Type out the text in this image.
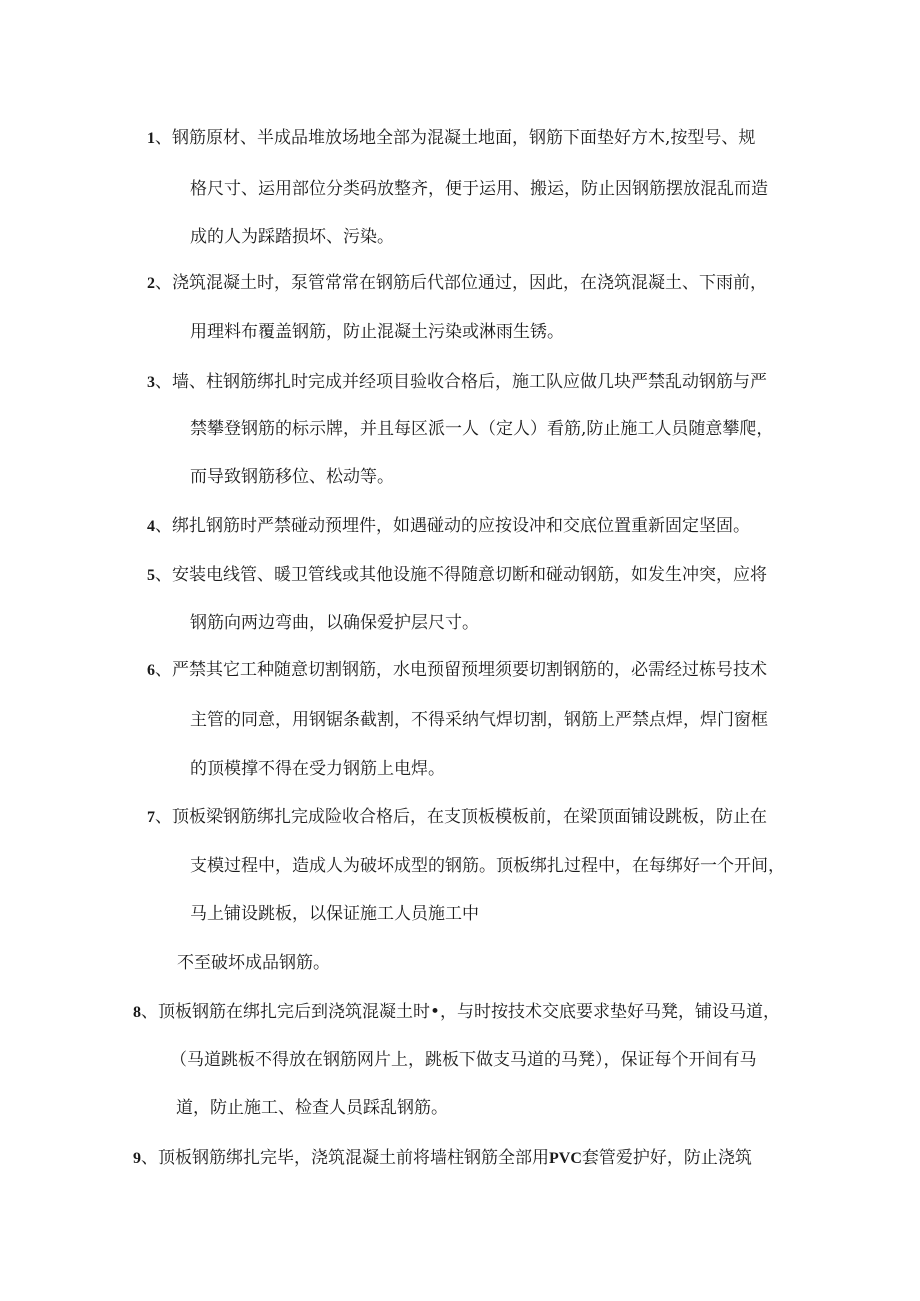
1、钢筋原材、半成品堆放场地全部为混凝土地面，钢筋下面垫好方木,按型号、规
格尺寸、运用部位分类码放整齐，便于运用、搬运，防止因钢筋摆放混乱而造
成的人为踩踏损坏、污染。
2、浇筑混凝土时，泵管常常在钢筋后代部位通过，因此，在浇筑混凝土、下雨前，
用理料布覆盖钢筋，防止混凝土污染或淋雨生锈。
3、墙、柱钢筋绑扎时完成并经项目验收合格后，施工队应做几块严禁乱动钢筋与严
禁攀登钢筋的标示牌，并且每区派一人（定人）看筋,防止施工人员随意攀爬，
而导致钢筋移位、松动等。
4、绑扎钢筋时严禁碰动预埋件，如遇碰动的应按设冲和交底位置重新固定坚固。
5、安装电线管、暖卫管线或其他设施不得随意切断和碰动钢筋，如发生冲突，应将
钢筋向两边弯曲，以确保爱护层尺寸。
6、严禁其它工种随意切割钢筋，水电预留预埋须要切割钢筋的，必需经过栋号技术
主管的同意，用钢锯条截割，不得采纳气焊切割，钢筋上严禁点焊，焊门窗框
的顶模撑不得在受力钢筋上电焊。
7、顶板梁钢筋绑扎完成险收合格后，在支顶板模板前，在梁顶面铺设跳板，防止在
支模过程中，造成人为破坏成型的钢筋。顶板绑扎过程中，在每绑好一个开间，
马上铺设跳板，以保证施工人员施工中
不至破坏成品钢筋。
8、顶板钢筋在绑扎完后到浇筑混凝土时•，与时按技术交底要求垫好马凳，铺设马道，
（马道跳板不得放在钢筋网片上，跳板下做支马道的马凳），保证每个开间有马
道，防止施工、检查人员踩乱钢筋。
9、顶板钢筋绑扎完毕，浇筑混凝土前将墙柱钢筋全部用PVC套管爱护好，防止浇筑
